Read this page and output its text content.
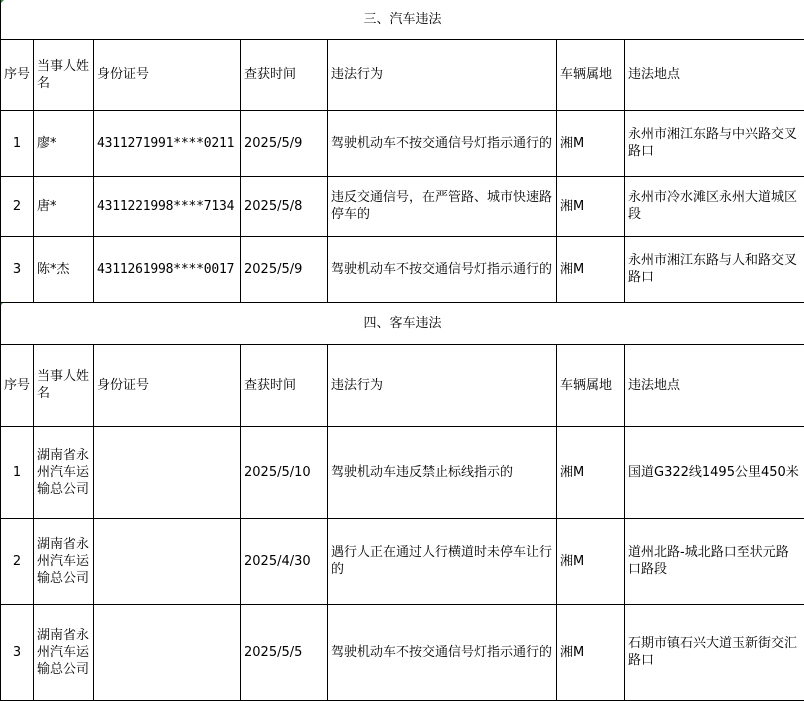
三、汽车违法						
序号	当事人姓名	身份证号	查获时间	违法行为	车辆属地	违法地点
1	廖*	4311271991****0211	2025/5/9	驾驶机动车不按交通信号灯指示通行的	湘M	永州市湘江东路与中兴路交叉路口
2	唐*	4311221998****7134	2025/5/8	违反交通信号，在严管路、城市快速路停车的	湘M	永州市冷水滩区永州大道城区段
3	陈*杰	4311261998****0017	2025/5/9	驾驶机动车不按交通信号灯指示通行的	湘M	永州市湘江东路与人和路交叉路口
四、客车违法						
序号	当事人姓名	身份证号	查获时间	违法行为	车辆属地	违法地点
1	湖南省永州汽车运输总公司		2025/5/10	驾驶机动车违反禁止标线指示的	湘M	国道G322线1495公里450米
2	湖南省永州汽车运输总公司		2025/4/30	遇行人正在通过人行横道时未停车让行的	湘M	道州北路-城北路口至状元路口路段
3	湖南省永州汽车运输总公司		2025/5/5	驾驶机动车不按交通信号灯指示通行的	湘M	石期市镇石兴大道玉新街交汇路口
